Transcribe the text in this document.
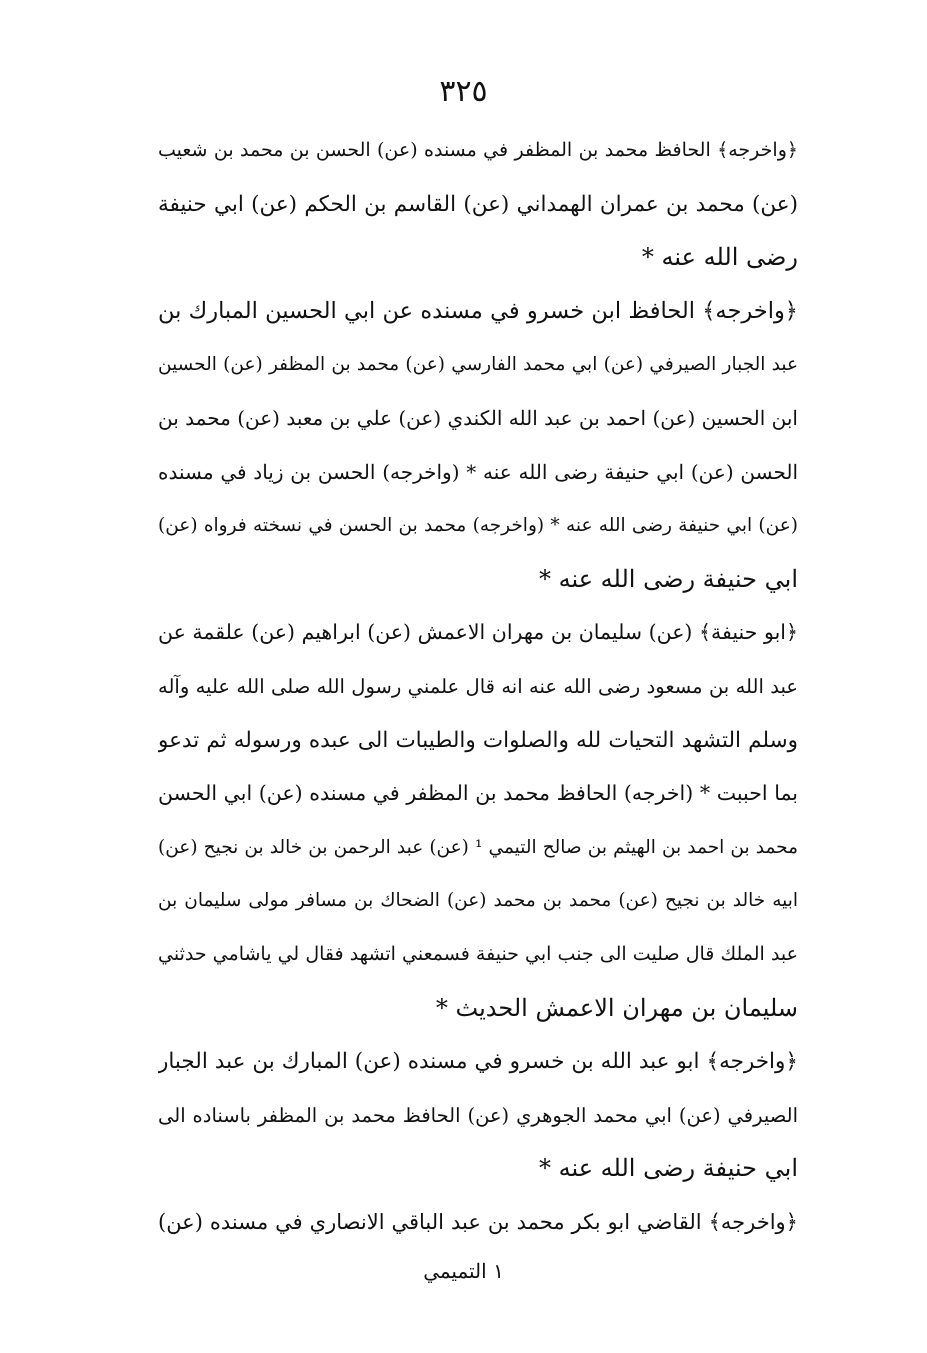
٣٢٥
﴿واخرجه﴾ الحافظ محمد بن المظفر في مسنده (عن) الحسن بن محمد بن شعيب
(عن) محمد بن عمران الهمداني (عن) القاسم بن الحكم (عن) ابي حنيفة
رضى الله عنه *
﴿واخرجه﴾ الحافظ ابن خسرو في مسنده عن ابي الحسين المبارك بن
عبد الجبار الصيرفي (عن) ابي محمد الفارسي (عن) محمد بن المظفر (عن) الحسين
ابن الحسين (عن) احمد بن عبد الله الكندي (عن) علي بن معبد (عن) محمد بن
الحسن (عن) ابي حنيفة رضى الله عنه * (واخرجه) الحسن بن زياد في مسنده
(عن) ابي حنيفة رضى الله عنه * (واخرجه) محمد بن الحسن في نسخته فرواه (عن)
ابي حنيفة رضى الله عنه *
﴿ابو حنيفة﴾ (عن) سليمان بن مهران الاعمش (عن) ابراهيم (عن) علقمة عن
عبد الله بن مسعود رضى الله عنه انه قال علمني رسول الله صلى الله عليه وآله
وسلم التشهد التحيات لله والصلوات والطيبات الى عبده ورسوله ثم تدعو
بما احببت * (اخرجه) الحافظ محمد بن المظفر في مسنده (عن) ابي الحسن
محمد بن احمد بن الهيثم بن صالح التيمي ¹ (عن) عبد الرحمن بن خالد بن نجيح (عن)
ابيه خالد بن نجيح (عن) محمد بن محمد (عن) الضحاك بن مسافر مولى سليمان بن
عبد الملك قال صليت الى جنب ابي حنيفة فسمعني اتشهد فقال لي ياشامي حدثني
سليمان بن مهران الاعمش الحديث *
﴿واخرجه﴾ ابو عبد الله بن خسرو في مسنده (عن) المبارك بن عبد الجبار
الصيرفي (عن) ابي محمد الجوهري (عن) الحافظ محمد بن المظفر باسناده الى
ابي حنيفة رضى الله عنه *
﴿واخرجه﴾ القاضي ابو بكر محمد بن عبد الباقي الانصاري في مسنده (عن)
١ التميمي
